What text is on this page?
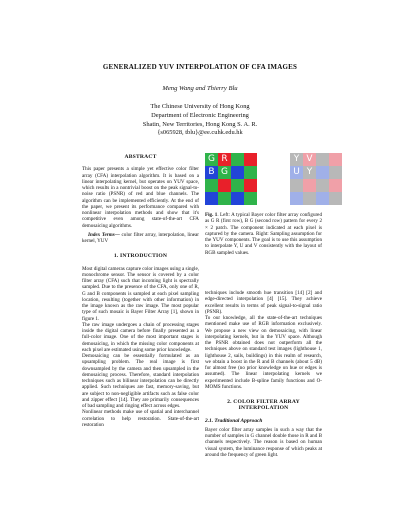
GENERALIZED YUV INTERPOLATION OF CFA IMAGES
Meng Wang and Thierry Blu
The Chinese University of Hong Kong
Department of Electronic Engineering
Shatin, New Territories, Hong Kong S. A. R.
{s065928, tblu}@ee.cuhk.edu.hk
ABSTRACT

This paper presents a simple yet effective color filter array (CFA) interpolation algorithm. It is based on a linear interpolating kernel, but operates on YUV space, which results in a nontrivial boost on the peak signal-to-noise ratio (PSNR) of red and blue channels. The algorithm can be implemented efficiently. At the end of the paper, we present its performance compared with nonlinear interpolation methods and show that it's competitive even among state-of-the-art CFA demosaicing algorithms.

Index Terms— color filter array, interpolation, linear kernel, YUV

1. INTRODUCTION

Most digital cameras capture color images using a single, monochrome sensor. The sensor is covered by a color filter array (CFA) such that incoming light is spectrally sampled. Due to the presence of the CFA, only one of R, G and B components is sampled at each pixel sampling location, resulting (together with other information) in the image known as the raw image. The most popular type of such mosaic is Bayer Filter Array [1], shown in figure 1.

The raw image undergoes a chain of processing stages inside the digital camera before finally presented as a full-color image. One of the most important stages is demosaicing, in which the missing color components at each pixel are estimated using some prior knowledge.

Demosaicing can be essentially formulated as an upsampling problem. The real image is first downsampled by the camera and then upsampled in the demosaicing process. Therefore, standard interpolation techniques such as bilinear interpolation can be directly applied. Such techniques are fast, memory-saving, but are subject to non-negligible artifacts such as false color and zipper effect [14]. They are primarily consequences of bad sampling and ringing effect across edges.

Nonlinear methods make use of spatial and interchannel correlation to help restoration. State-of-the-art restoration

G R
B G
Y V
U Y

Fig. 1. Left: A typical Bayer color filter array configured as G R (first row), B G (second row) pattern for every 2 × 2 patch. The component indicated at each pixel is captured by the camera. Right: Sampling assumption for the YUV components. The goal is to use this assumption to interpolate Y, U and V consistently with the layout of RGB sampled values.

techniques include smooth hue transition [14] [2] and edge-directed interpolation [4] [15]. They achieve excellent results in terms of peak signal-to-signal ratio (PSNR).

To our knowledge, all the state-of-the-art techniques mentioned make use of RGB information exclusively. We propose a new view on demosaicing, with linear interpolating kernels, but in the YUV space. Although the PSNR obtained does not outperform all the techniques above on standard test images (lighthouse 1, lighthouse 2, sails, buildings) in this realm of research, we obtain a boost in the R and B channels (about 5 dB) for almost free (no prior knowledge on hue or edges is assumed). The linear interpolating kernels we experimented include B-spline family functions and O-MOMS functions.

2. COLOR FILTER ARRAY INTERPOLATION
2.1. Traditional Approach

Bayer color filter array samples in such a way that the number of samples in G channel double those in R and B channels respectively. The reason is based on human visual system, the luminance response of which peaks at around the frequency of green light.
